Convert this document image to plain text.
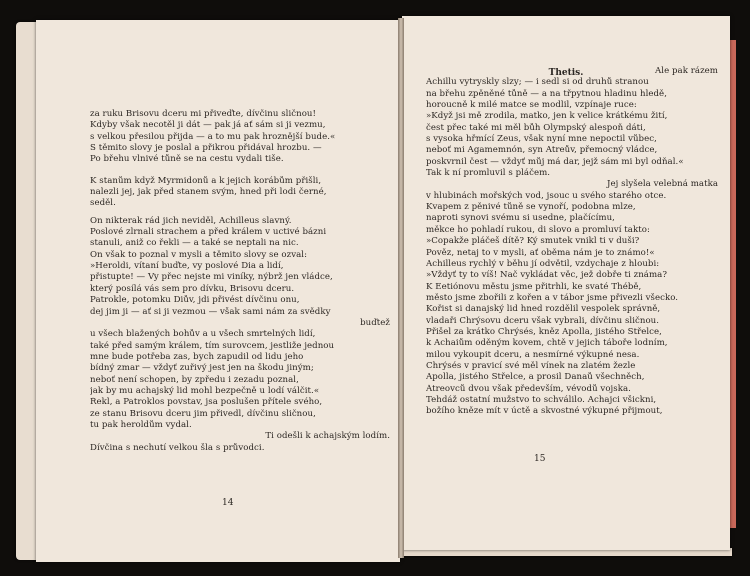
za ruku Brisovu dceru mi přiveďte, dívčinu sličnou!
Kdyby však necotěl ji dát — pak já ať sám si ji vezmu,
s velkou přesilou přijda — a to mu pak hroznější bude.«
S těmito slovy je poslal a přikrou přidával hrozbu. —
Po břehu vlnivé tůně se na cestu vydali tiše.
K stanům když Myrmidonů a k jejich korábům přišli,
nalezli jej, jak před stanem svým, hned při lodi černé,
seděl.
On nikterak rád jich neviděl, Achilleus slavný.
Poslové zlrnali strachem a před králem v uctivé bázni
stanuli, aniž co řekli — a také se neptali na nic.
On však to poznal v mysli a těmito slovy se ozval:
»Heroldi, vítaní buďte, vy poslové Dia a lidí,
přistupte! — Vy přec nejste mi viníky, nýbrž jen vládce,
který posílá vás sem pro dívku, Brisovu dceru.
Patrokle, potomku Diův, jdi přivést dívčinu onu,
dej jim ji — ať si ji vezmou — však sami nám za svědky
buďtež
u všech blažených bohův a u všech smrtelných lidí,
také před samým králem, tím surovcem, jestliže jednou
mne bude potřeba zas, bych zapudil od lidu jeho
bídný zmar — vždyť zuřivý jest jen na škodu jiným;
neboť není schopen, by zpředu i zezadu poznal,
jak by mu achajský lid mohl bezpečně u lodí válčit.«
Řekl, a Patroklos povstav, jsa poslušen přítele svého,
ze stanu Brisovu dceru jim přivedl, dívčinu sličnou,
tu pak heroldům vydal.
Ti odešli k achajským lodím.
Dívčina s nechutí velkou šla s průvodci.
14
Thetis.	Ale pak rázem
Achillu vytryskly slzy; — i sedl si od druhů stranou
na břehu zpěněné tůně — a na třpytnou hladinu hledě,
horoucně k milé matce se modlil, vzpínaje ruce:
»Když jsi mě zrodila, matko, jen k velice krátkému žití,
čest přec také mi měl bůh Olympský alespoň dáti,
s vysoka hřmící Zeus, však nyní mne nepoctil vůbec,
neboť mi Agamemnón, syn Atreův, přemocný vládce,
poskvrnil čest — vždyť můj má dar, jejž sám mi byl odňal.«
Tak k ní promluvil s pláčem.
Jej slyšela velebná matka
v hlubinách mořských vod, jsouc u svého starého otce.
Kvapem z pěnivé tůně se vynoří, podobna mlze,
naproti synovi svému si usedne, plačícímu,
měkce ho pohladí rukou, di slovo a promluví takto:
»Copakže pláčeš dítě? Ký smutek vnikl ti v duši?
Pověz, netaj to v mysli, ať oběma nám je to známo!«
Achilleus rychlý v běhu jí odvětil, vzdychaje z hloubi:
»Vždyť ty to víš! Nač vykládat věc, jež dobře ti známa?
K Eetiónovu městu jsme přitrhli, ke svaté Thébě,
město jsme zbořili z kořen a v tábor jsme přivezli všecko.
Kořist si danajský lid hned rozdělil vespolek správně,
vladaři Chrýsovu dceru však vybrali, dívčinu sličnou.
Přišel za krátko Chrýsés, kněz Apolla, jistého Střelce,
k Achaiům oděným kovem, chtě v jejich táboře lodním,
milou vykoupit dceru, a nesmírné výkupné nesa.
Chrýsés v pravicí své měl vínek na zlatém žezle
Apolla, jistého Střelce, a prosil Danaů všechněch,
Átreovců dvou však především, vévodů vojska.
Tehdáž ostatní mužstvo to schválilo. Achajci všickni,
božího kněze mít v úctě a skvostné výkupné přijmout,
15
